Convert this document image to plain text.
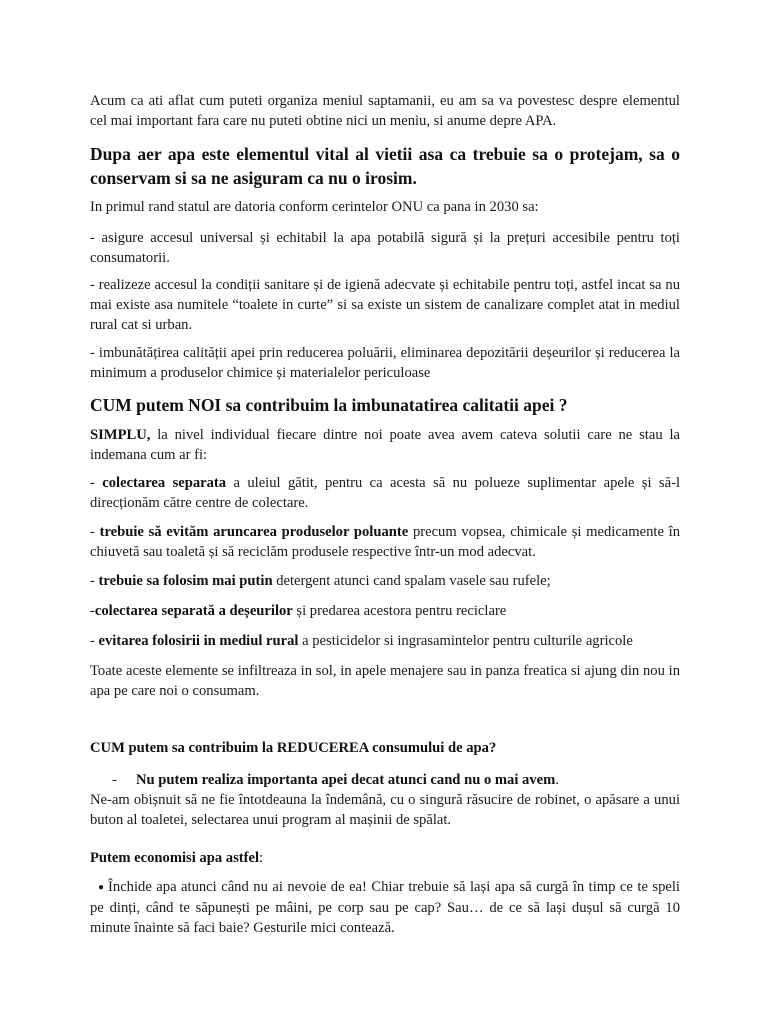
Acum ca ati aflat cum puteti organiza meniul saptamanii, eu am sa va povestesc despre elementul cel mai important fara care nu puteti obtine nici un meniu, si anume depre APA.

Dupa aer apa este elementul vital al vietii asa ca trebuie sa o protejam, sa o conservam si sa ne asiguram ca nu o irosim.

In primul rand statul are datoria conform cerintelor ONU ca pana in 2030 sa:

- asigure accesul universal și echitabil la apa potabilă sigură și la prețuri accesibile pentru toți consumatorii.

- realizeze accesul la condiții sanitare și de igienă adecvate și echitabile pentru toți, astfel incat sa nu mai existe asa numitele “toalete in curte” si sa existe un sistem de canalizare complet atat in mediul rural cat si urban.

- imbunătățirea calității apei prin reducerea poluării, eliminarea depozitării deșeurilor și reducerea la minimum a produselor chimice și materialelor periculoase

CUM putem NOI sa contribuim la imbunatatirea calitatii apei ?

SIMPLU, la nivel individual fiecare dintre noi poate avea avem cateva solutii care ne stau la indemana cum ar fi:

- colectarea separata a uleiul gătit, pentru ca acesta să nu polueze suplimentar apele și să-l direcționăm către centre de colectare.

- trebuie să evităm aruncarea produselor poluante precum vopsea, chimicale și medicamente în chiuvetă sau toaletă și să reciclăm produsele respective într-un mod adecvat.

- trebuie sa folosim mai putin detergent atunci cand spalam vasele sau rufele;

-colectarea separată a deșeurilor și predarea acestora pentru reciclare

- evitarea folosirii in mediul rural a pesticidelor si ingrasamintelor pentru culturile agricole

Toate aceste elemente se infiltreaza in sol, in apele menajere sau in panza freatica si ajung din nou in apa pe care noi o consumam.

CUM putem sa contribuim la REDUCEREA consumului de apa?

- Nu putem realiza importanta apei decat atunci cand nu o mai avem.

Ne-am obișnuit să ne fie întotdeauna la îndemână, cu o singură răsucire de robinet, o apăsare a unui buton al toaletei, selectarea unui program al mașinii de spălat.

Putem economisi apa astfel:

● Închide apa atunci când nu ai nevoie de ea! Chiar trebuie să lași apa să curgă în timp ce te speli pe dinți, când te săpunești pe mâini, pe corp sau pe cap? Sau… de ce să lași dușul să curgă 10 minute înainte să faci baie? Gesturile mici contează.
